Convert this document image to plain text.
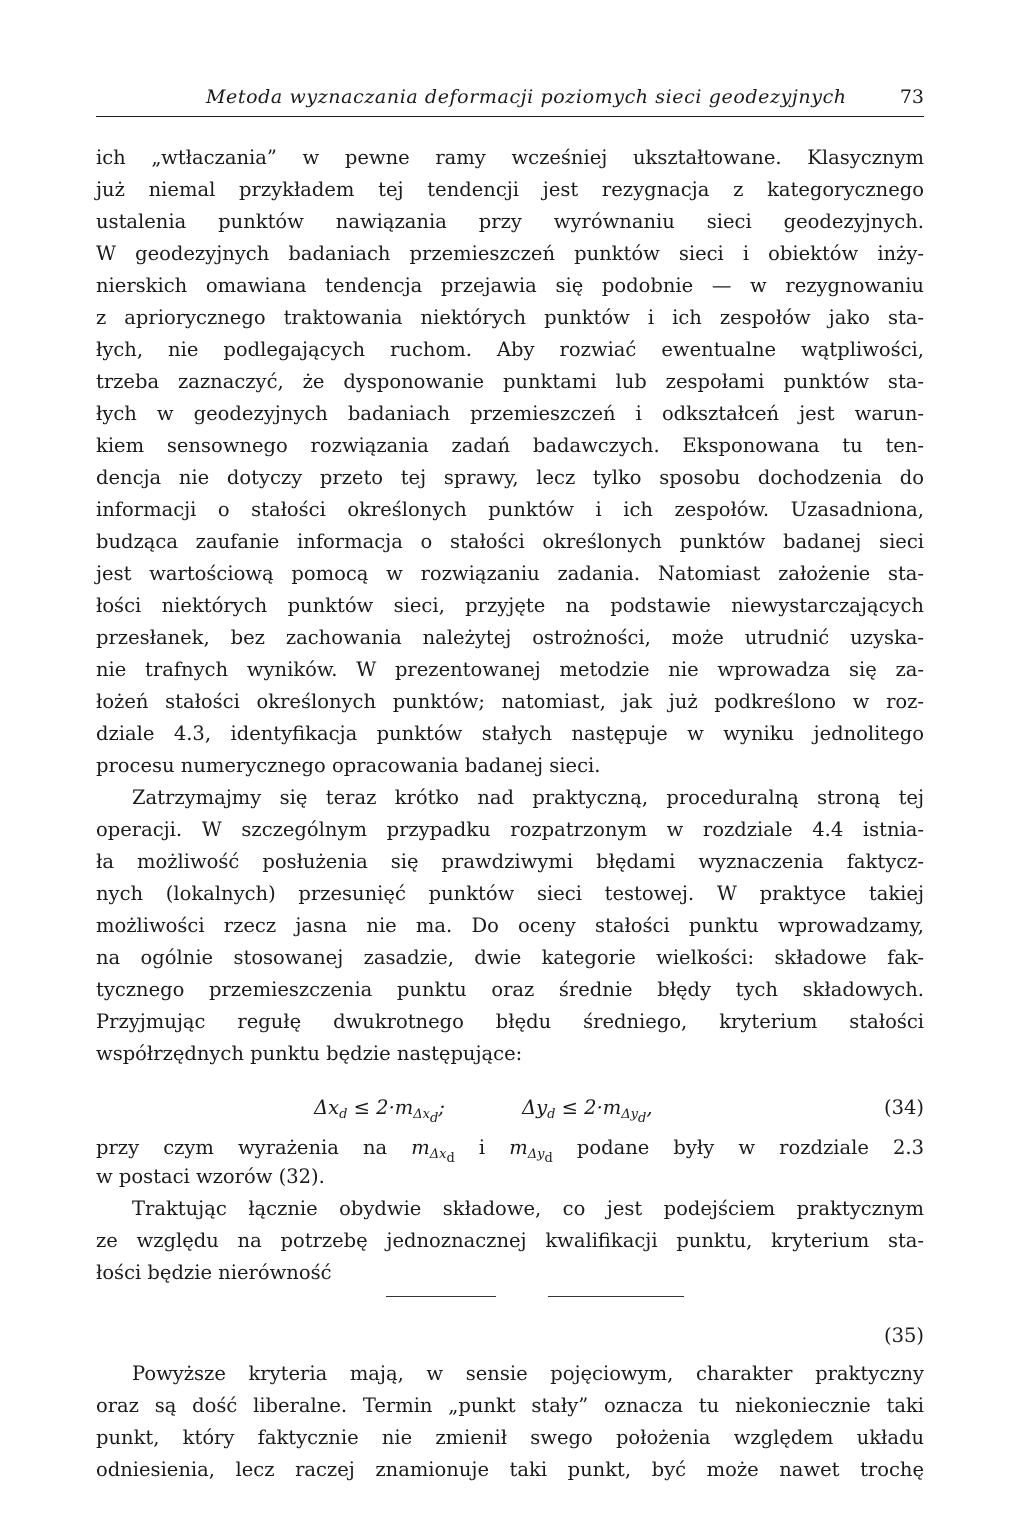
Metoda wyznaczania deformacji poziomych sieci geodezyjnych	73
ich „wtłaczania” w pewne ramy wcześniej ukształtowane. Klasycznym
już niemal przykładem tej tendencji jest rezygnacja z kategorycznego
ustalenia punktów nawiązania przy wyrównaniu sieci geodezyjnych.
W geodezyjnych badaniach przemieszczeń punktów sieci i obiektów inży-
nierskich omawiana tendencja przejawia się podobnie — w rezygnowaniu
z apriorycznego traktowania niektórych punktów i ich zespołów jako sta-
łych, nie podlegających ruchom. Aby rozwiać ewentualne wątpliwości,
trzeba zaznaczyć, że dysponowanie punktami lub zespołami punktów sta-
łych w geodezyjnych badaniach przemieszczeń i odkształceń jest warun-
kiem sensownego rozwiązania zadań badawczych. Eksponowana tu ten-
dencja nie dotyczy przeto tej sprawy, lecz tylko sposobu dochodzenia do
informacji o stałości określonych punktów i ich zespołów. Uzasadniona,
budząca zaufanie informacja o stałości określonych punktów badanej sieci
jest wartościową pomocą w rozwiązaniu zadania. Natomiast założenie sta-
łości niektórych punktów sieci, przyjęte na podstawie niewystarczających
przesłanek, bez zachowania należytej ostrożności, może utrudnić uzyska-
nie trafnych wyników. W prezentowanej metodzie nie wprowadza się za-
łożeń stałości określonych punktów; natomiast, jak już podkreślono w roz-
dziale 4.3, identyfikacja punktów stałych następuje w wyniku jednolitego
procesu numerycznego opracowania badanej sieci.
Zatrzymajmy się teraz krótko nad praktyczną, proceduralną stroną tej
operacji. W szczególnym przypadku rozpatrzonym w rozdziale 4.4 istnia-
ła możliwość posłużenia się prawdziwymi błędami wyznaczenia faktycz-
nych (lokalnych) przesunięć punktów sieci testowej. W praktyce takiej
możliwości rzecz jasna nie ma. Do oceny stałości punktu wprowadzamy,
na ogólnie stosowanej zasadzie, dwie kategorie wielkości: składowe fak-
tycznego przemieszczenia punktu oraz średnie błędy tych składowych.
Przyjmując regułę dwukrotnego błędu średniego, kryterium stałości
współrzędnych punktu będzie następujące:
$\Delta x_d \le 2\cdot m_{\Delta x_d}$;	$\Delta y_d \le 2\cdot m_{\Delta y_d}$,	(34)
przy czym wyrażenia na $m_{\Delta x_d}$ i $m_{\Delta y_d}$ podane były w rozdziale 2.3
w postaci wzorów (32).
Traktując łącznie obydwie składowe, co jest podejściem praktycznym
ze względu na potrzebę jednoznacznej kwalifikacji punktu, kryterium sta-
łości będzie nierówność
(35)
Powyższe kryteria mają, w sensie pojęciowym, charakter praktyczny
oraz są dość liberalne. Termin „punkt stały” oznacza tu niekoniecznie taki
punkt, który faktycznie nie zmienił swego położenia względem układu
odniesienia, lecz raczej znamionuje taki punkt, być może nawet trochę
